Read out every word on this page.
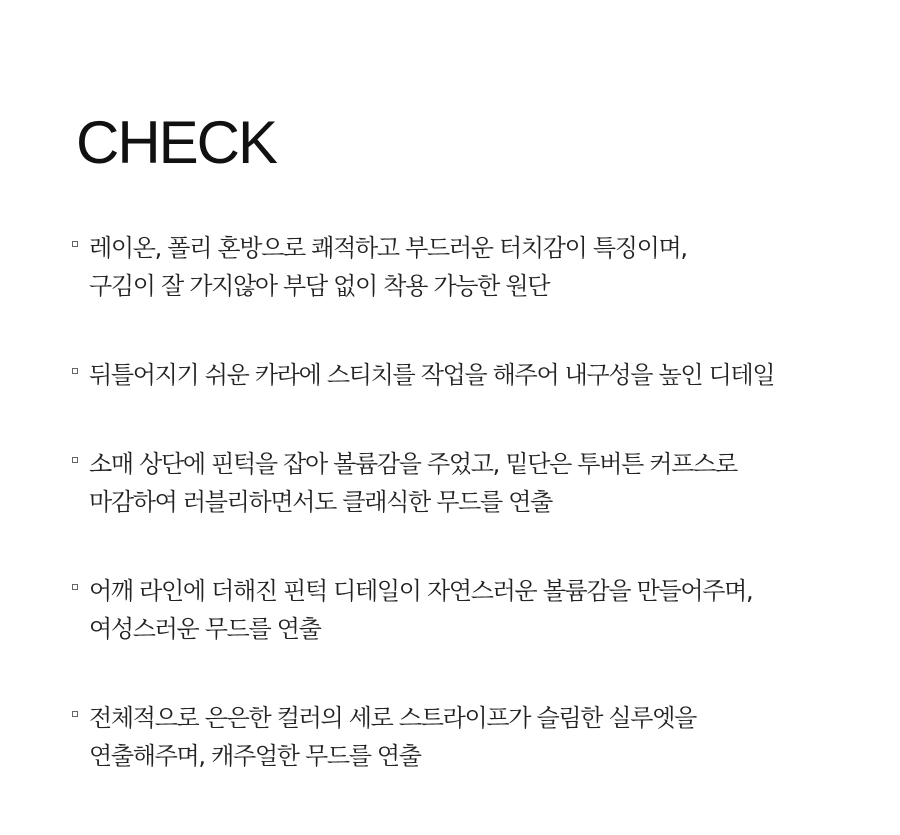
CHECK
레이온, 폴리 혼방으로 쾌적하고 부드러운 터치감이 특징이며,
구김이 잘 가지않아 부담 없이 착용 가능한 원단
뒤틀어지기 쉬운 카라에 스티치를 작업을 해주어 내구성을 높인 디테일
소매 상단에 핀턱을 잡아 볼륨감을 주었고, 밑단은 투버튼 커프스로
마감하여 러블리하면서도 클래식한 무드를 연출
어깨 라인에 더해진 핀턱 디테일이 자연스러운 볼륨감을 만들어주며,
여성스러운 무드를 연출
전체적으로 은은한 컬러의 세로 스트라이프가 슬림한 실루엣을
연출해주며, 캐주얼한 무드를 연출
